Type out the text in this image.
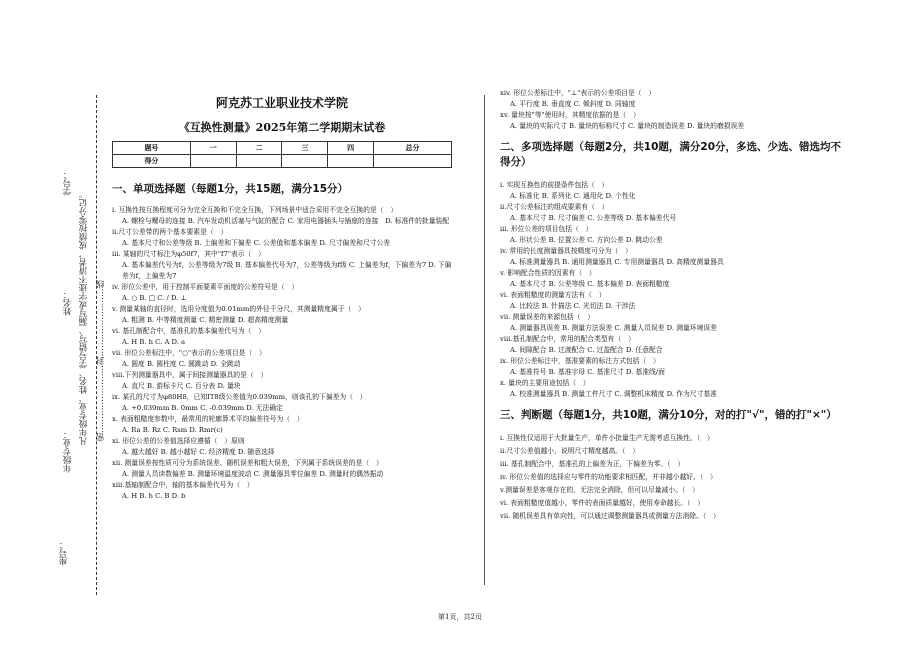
学号：
姓名：
年级专业：
凡年级专业、姓名、学号错写、漏写或字迹不清者，成绩按零分记。 密……………………封……………………线
座号：
阿克苏工业职业技术学院
《互换性测量》2025年第二学期期末试卷
题号	一	二	三	四	总分
得分					
一、单项选择题（每题1分，共15题，满分15分）
i. 互换性按互换程度可分为完全互换和不完全互换，下列场景中适合采用不完全互换的是（　）
A. 螺栓与螺母的连接 B. 汽车发动机活塞与气缸的配合 C. 家用电器插头与插座的连接　D. 标准件的批量装配
ii.尺寸公差带的两个基本要素是（　）
A. 基本尺寸和公差等级 B. 上偏差和下偏差 C. 公差值和基本偏差 D. 尺寸偏差和尺寸公差
iii. 某轴的尺寸标注为φ50f7，其中"f7"表示（　）
A. 基本偏差代号为f，公差等级为7级 B. 基本偏差代号为7，公差等级为f级 C. 上偏差为f，下偏差为7 D. 下偏差为f，上偏差为7
iv. 形位公差中，用于控制平面要素平面度的公差符号是（　）
A. ○ B. □ C. / D. ⊥
v. 测量某轴的直径时，选用分度值为0.01mm的外径千分尺，其测量精度属于（　）
A. 粗测 B. 中等精度测量 C. 精密测量 D. 超高精度测量
vi. 基孔制配合中，基准孔的基本偏差代号为（　）
A. H B. h C. A D. a
vii. 形位公差标注中，"○"表示的公差项目是（　）
A. 圆度 B. 圆柱度 C. 圆跳动 D. 全跳动
viii.下列测量器具中，属于间接测量器具的是（　）
A. 直尺 B. 游标卡尺 C. 百分表 D. 量块
ix. 某孔的尺寸为φ80H8，已知IT8级公差值为0.039mm，则该孔的下偏差为（　）
A. +0.039mm B. 0mm C. -0.039mm D. 无法确定
x. 表面粗糙度参数中，最常用的轮廓算术平均偏差符号为（　）
A. Ra B. Rz C. Rsm D. Rmr(c)
xi. 形位公差的公差值选择应遵循（　）原则
A. 越大越好 B. 越小越好 C. 经济精度 D. 随意选择
xii. 测量误差按性质可分为系统误差、随机误差和粗大误差，下列属于系统误差的是（　）
A. 测量人员读数偏差 B. 测量环境温度波动 C. 测量器具零位偏差 D. 测量时的偶然振动
xiii.基轴制配合中，轴的基本偏差代号为（　）
A. H B. h C. B D. b
xiv. 形位公差标注中，"⊥"表示的公差项目是（　）
A. 平行度 B. 垂直度 C. 倾斜度 D. 同轴度
xv. 量块按"等"使用时，其精度依据的是（　）
A. 量块的实际尺寸 B. 量块的标称尺寸 C. 量块的制造误差 D. 量块的磨损误差
二、多项选择题（每题2分，共10题，满分20分，多选、少选、错选均不得分）
i. 实现互换性的前提条件包括（　）
A. 标准化 B. 系列化 C. 通用化 D. 个性化
ii.尺寸公差标注的组成要素有（　）
A. 基本尺寸 B. 尺寸偏差 C. 公差等级 D. 基本偏差代号
iii. 形位公差的项目包括（　）
A. 形状公差 B. 位置公差 C. 方向公差 D. 跳动公差
iv. 常用的长度测量器具按精度可分为（　）
A. 标准测量器具 B. 通用测量器具 C. 专用测量器具 D. 高精度测量器具
v. 影响配合性质的因素有（　）
A. 基本尺寸 B. 公差等级 C. 基本偏差 D. 表面粗糙度
vi. 表面粗糙度的测量方法有（　）
A. 比较法 B. 针描法 C. 光切法 D. 干涉法
vii. 测量误差的来源包括（　）
A. 测量器具误差 B. 测量方法误差 C. 测量人员误差 D. 测量环境误差
viii.基孔制配合中，常用的配合类型有（　）
A. 间隙配合 B. 过渡配合 C. 过盈配合 D. 任意配合
ix. 形位公差标注中，基准要素的标注方式包括（　）
A. 基准符号 B. 基准字母 C. 基准尺寸 D. 基准线/面
x. 量块的主要用途包括（　）
A. 校准测量器具 B. 测量工件尺寸 C. 调整机床精度 D. 作为尺寸基准
三、判断题（每题1分，共10题，满分10分，对的打"√"，错的打"×"）
i. 互换性仅适用于大批量生产，单件小批量生产无需考虑互换性。（　）
ii.尺寸公差值越小，说明尺寸精度越高。（　）
iii. 基孔制配合中，基准孔的上偏差为正，下偏差为零。（　）
iv. 形位公差值的选择应与零件的功能要求相匹配，并非越小越好。（　）
v.测量误差是客观存在的，无法完全消除，但可以尽量减小。（　）
vi. 表面粗糙度值越小，零件的表面质量越好，使用寿命越长。（　）
vii. 随机误差具有单向性，可以通过调整测量器具或测量方法消除。（　）
第1页，共2页
